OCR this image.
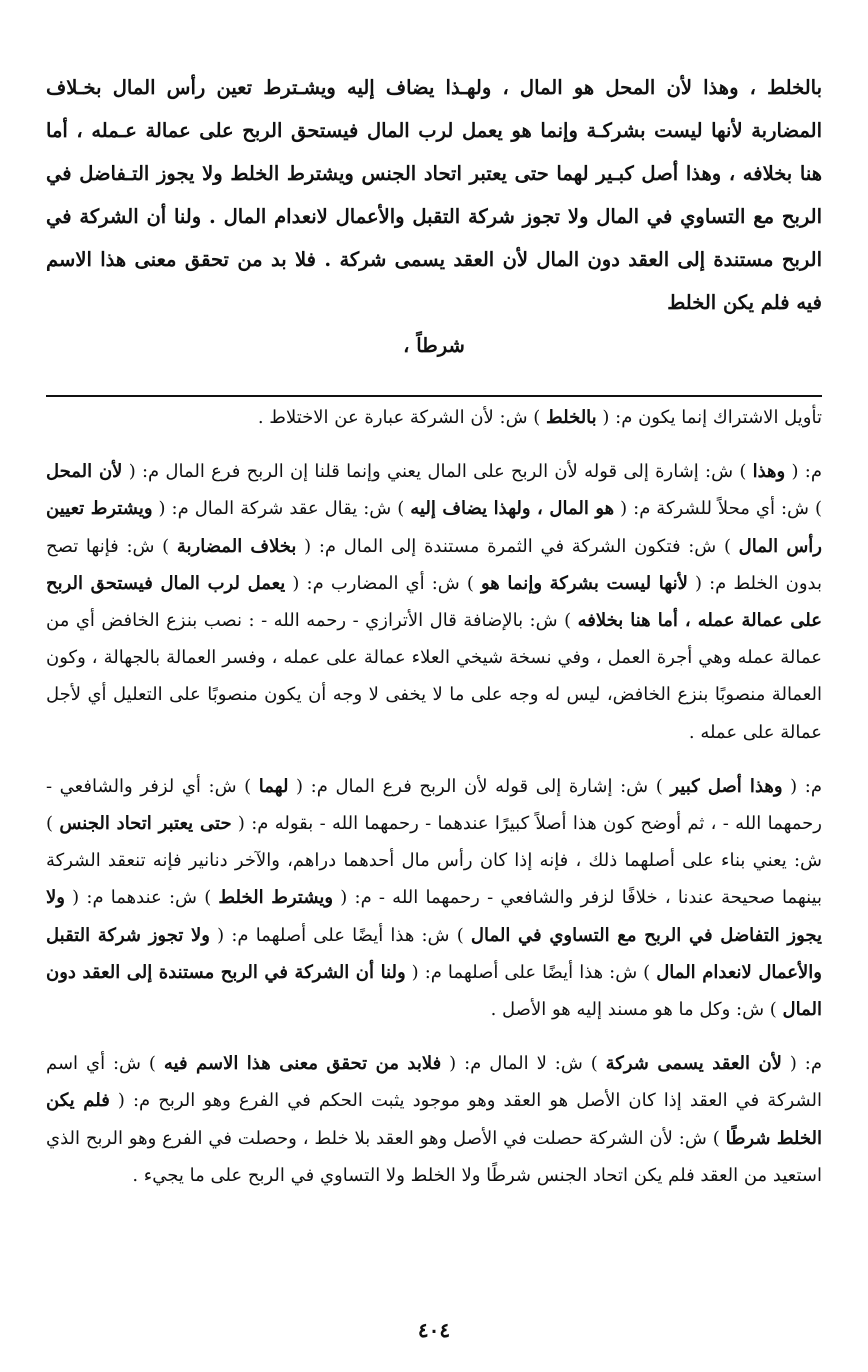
بالخلط ، وهذا لأن المحل هو المال ، ولهـذا يضاف إليه ويشـترط تعين رأس المال بخـلاف المضاربة لأنها ليست بشركـة وإنما هو يعمل لرب المال فيستحق الربح على عمالة عـمله ، أما هنا بخلافه ، وهذا أصل كبـير لهما حتى يعتبر اتحاد الجنس ويشترط الخلط ولا يجوز التـفاضل في الربح مع التساوي في المال ولا تجوز شركة التقبل والأعمال لانعدام المال . ولنا أن الشركة في الربح مستندة إلى العقد دون المال لأن العقد يسمى شركة . فلا بد من تحقق معنى هذا الاسم فيه فلم يكن الخلط

شرطاً ،

تأويل الاشتراك إنما يكون م: ( بالخلط ) ش: لأن الشركة عبارة عن الاختلاط .

م: ( وهذا ) ش: إشارة إلى قوله لأن الربح على المال يعني وإنما قلنا إن الربح فرع المال م: ( لأن المحل ) ش: أي محلاً للشركة م: ( هو المال ، ولهذا يضاف إليه ) ش: يقال عقد شركة المال م: ( ويشترط تعيين رأس المال ) ش: فتكون الشركة في الثمرة مستندة إلى المال م: ( بخلاف المضاربة ) ش: فإنها تصح بدون الخلط م: ( لأنها ليست بشركة وإنما هو ) ش: أي المضارب م: ( يعمل لرب المال فيستحق الربح على عمالة عمله ، أما هنا بخلافه ) ش: بالإضافة قال الأترازي - رحمه الله - : نصب بنزع الخافض أي من عمالة عمله وهي أجرة العمل ، وفي نسخة شيخي العلاء عمالة على عمله ، وفسر العمالة بالجهالة ، وكون العمالة منصوبًا بنزع الخافض، ليس له وجه على ما لا يخفى لا وجه أن يكون منصوبًا على التعليل أي لأجل عمالة على عمله .

م: ( وهذا أصل كبير ) ش: إشارة إلى قوله لأن الربح فرع المال م: ( لهما ) ش: أي لزفر والشافعي - رحمهما الله - ، ثم أوضح كون هذا أصلاً كبيرًا عندهما - رحمهما الله - بقوله م: ( حتى يعتبر اتحاد الجنس ) ش: يعني بناء على أصلهما ذلك ، فإنه إذا كان رأس مال أحدهما دراهم، والآخر دنانير فإنه تنعقد الشركة بينهما صحيحة عندنا ، خلافًا لزفر والشافعي - رحمهما الله - م: ( ويشترط الخلط ) ش: عندهما م: ( ولا يجوز التفاضل في الربح مع التساوي في المال ) ش: هذا أيضًا على أصلهما م: ( ولا تجوز شركة التقبل والأعمال لانعدام المال ) ش: هذا أيضًا على أصلهما م: ( ولنا أن الشركة في الربح مستندة إلى العقد دون المال ) ش: وكل ما هو مسند إليه هو الأصل .

م: ( لأن العقد يسمى شركة ) ش: لا المال م: ( فلابد من تحقق معنى هذا الاسم فيه ) ش: أي اسم الشركة في العقد إذا كان الأصل هو العقد وهو موجود يثبت الحكم في الفرع وهو الربح م: ( فلم يكن الخلط شرطًا ) ش: لأن الشركة حصلت في الأصل وهو العقد بلا خلط ، وحصلت في الفرع وهو الربح الذي استعيد من العقد فلم يكن اتحاد الجنس شرطًا ولا الخلط ولا التساوي في الربح على ما يجيء .

٤٠٤
